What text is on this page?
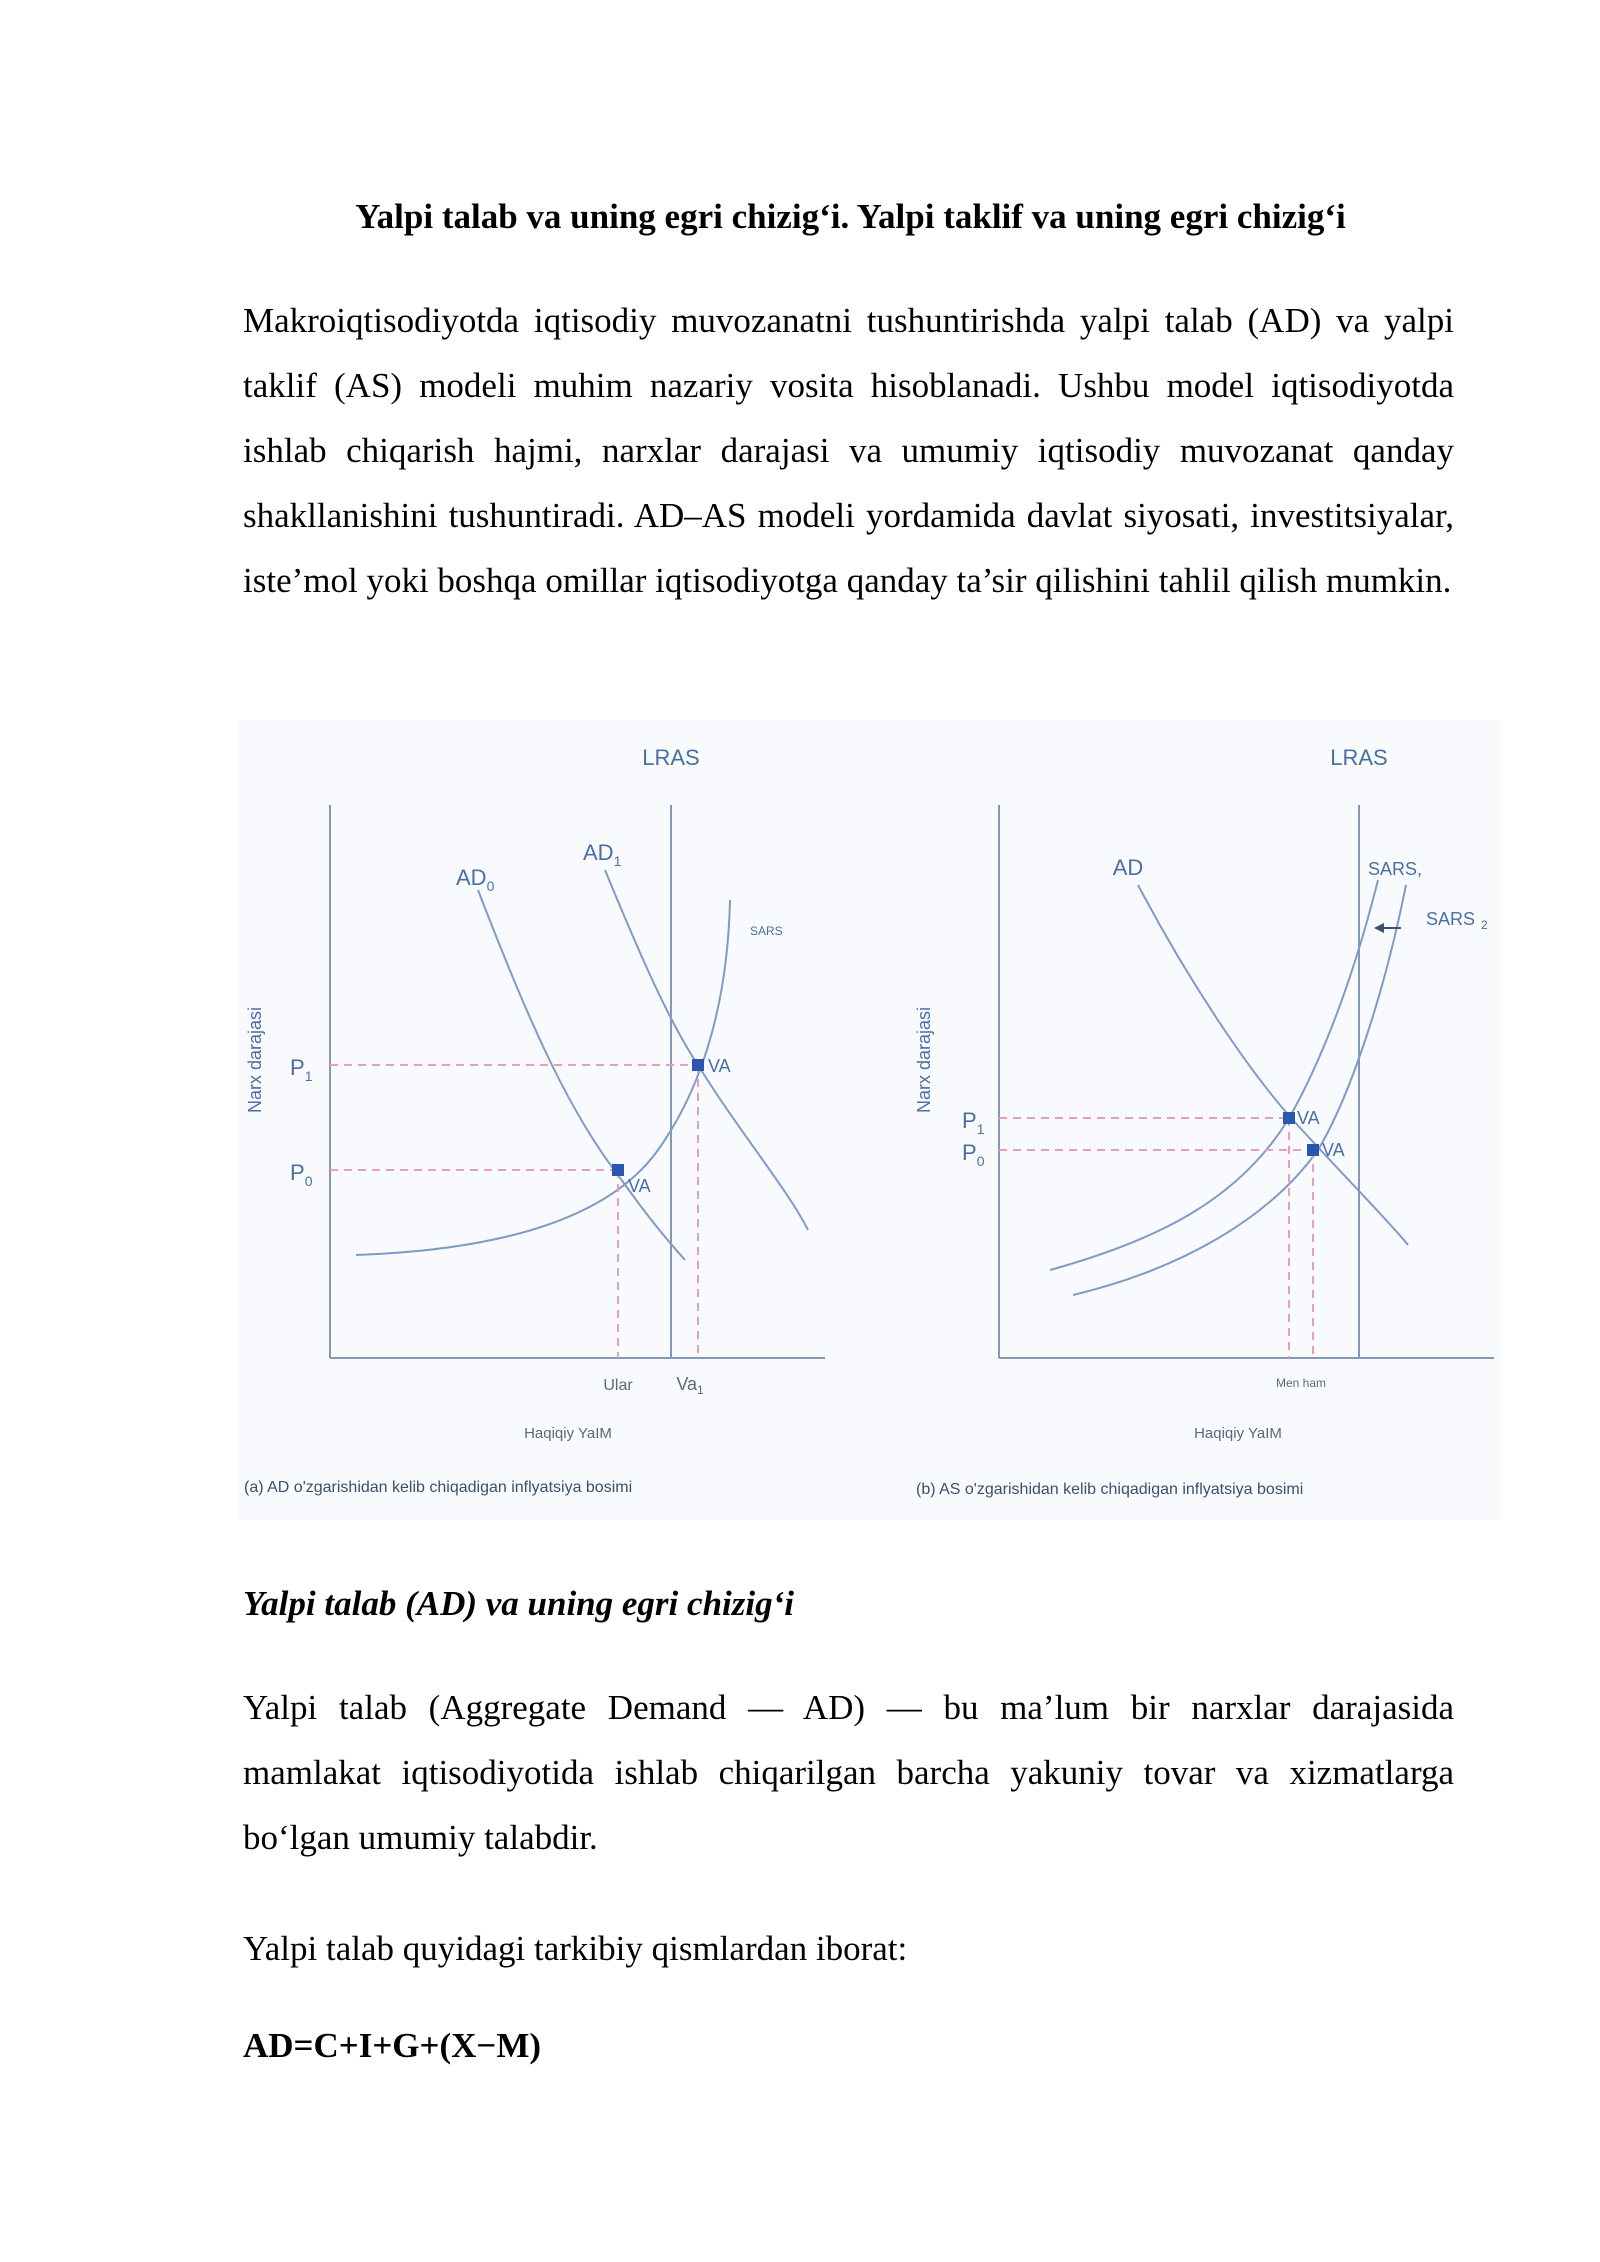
Yalpi talab va uning egri chizig‘i. Yalpi taklif va uning egri chizig‘i

Makroiqtisodiyotda iqtisodiy muvozanatni tushuntirishda yalpi talab (AD) va yalpi taklif (AS) modeli muhim nazariy vosita hisoblanadi. Ushbu model iqtisodiyotda ishlab chiqarish hajmi, narxlar darajasi va umumiy iqtisodiy muvozanat qanday shakllanishini tushuntiradi. AD–AS modeli yordamida davlat siyosati, investitsiyalar, iste’mol yoki boshqa omillar iqtisodiyotga qanday ta’sir qilishini tahlil qilish mumkin.

LRAS
SARS
$AD_0$
$AD_1$
VA
VA
$P_1$
$P_0$
Narx darajasi
Ular $Va_1$
Haqiqiy YaIM
(a) AD o'zgarishidan kelib chiqadigan inflyatsiya bosimi
LRAS
AD	SARS,
SARS $_2$
VA
VA
$P_1$
$P_0$
Narx darajasi
Men ham
Haqiqiy YaIM
(b) AS o'zgarishidan kelib chiqadigan inflyatsiya bosimi
Yalpi talab (AD) va uning egri chizig‘i

Yalpi talab (Aggregate Demand — AD) — bu ma’lum bir narxlar darajasida mamlakat iqtisodiyotida ishlab chiqarilgan barcha yakuniy tovar va xizmatlarga bo‘lgan umumiy talabdir.

Yalpi talab quyidagi tarkibiy qismlardan iborat:

AD=C+I+G+(X−M)
